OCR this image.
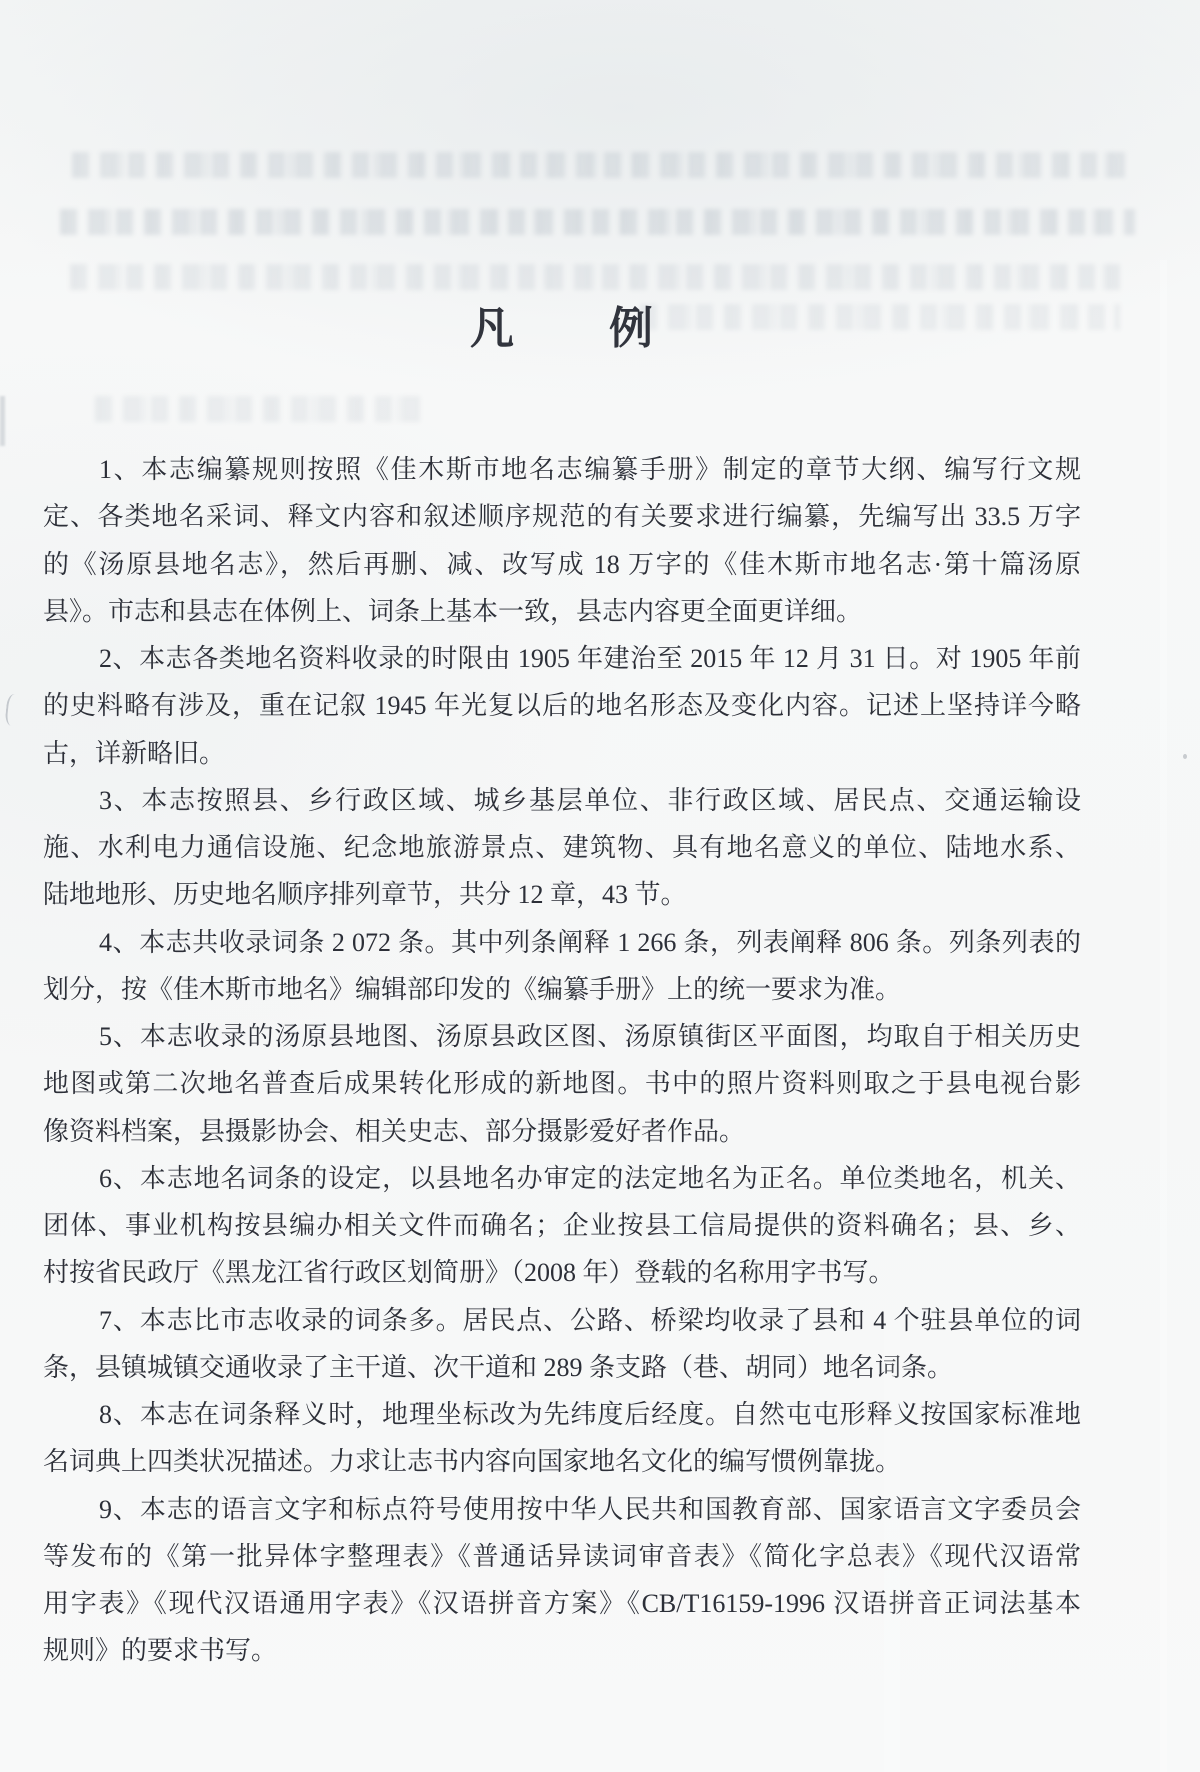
凡 例
1、本志编纂规则按照《佳木斯市地名志编纂手册》制定的章节大纲、编写行文规
定、各类地名采词、释文内容和叙述顺序规范的有关要求进行编纂，先编写出 33.5 万字
的《汤原县地名志》，然后再删、减、改写成 18 万字的《佳木斯市地名志·第十篇汤原
县》。市志和县志在体例上、词条上基本一致，县志内容更全面更详细。
2、本志各类地名资料收录的时限由 1905 年建治至 2015 年 12 月 31 日。对 1905 年前
的史料略有涉及，重在记叙 1945 年光复以后的地名形态及变化内容。记述上坚持详今略
古，详新略旧。
3、本志按照县、乡行政区域、城乡基层单位、非行政区域、居民点、交通运输设
施、水利电力通信设施、纪念地旅游景点、建筑物、具有地名意义的单位、陆地水系、
陆地地形、历史地名顺序排列章节，共分 12 章，43 节。
4、本志共收录词条 2 072 条。其中列条阐释 1 266 条，列表阐释 806 条。列条列表的
划分，按《佳木斯市地名》编辑部印发的《编纂手册》上的统一要求为准。
5、本志收录的汤原县地图、汤原县政区图、汤原镇街区平面图，均取自于相关历史
地图或第二次地名普查后成果转化形成的新地图。书中的照片资料则取之于县电视台影
像资料档案，县摄影协会、相关史志、部分摄影爱好者作品。
6、本志地名词条的设定，以县地名办审定的法定地名为正名。单位类地名，机关、
团体、事业机构按县编办相关文件而确名；企业按县工信局提供的资料确名；县、乡、
村按省民政厅《黑龙江省行政区划简册》（2008 年）登载的名称用字书写。
7、本志比市志收录的词条多。居民点、公路、桥梁均收录了县和 4 个驻县单位的词
条，县镇城镇交通收录了主干道、次干道和 289 条支路（巷、胡同）地名词条。
8、本志在词条释义时，地理坐标改为先纬度后经度。自然屯屯形释义按国家标准地
名词典上四类状况描述。力求让志书内容向国家地名文化的编写惯例靠拢。
9、本志的语言文字和标点符号使用按中华人民共和国教育部、国家语言文字委员会
等发布的《第一批异体字整理表》《普通话异读词审音表》《简化字总表》《现代汉语常
用字表》《现代汉语通用字表》《汉语拼音方案》《CB/T16159-1996 汉语拼音正词法基本
规则》的要求书写。
